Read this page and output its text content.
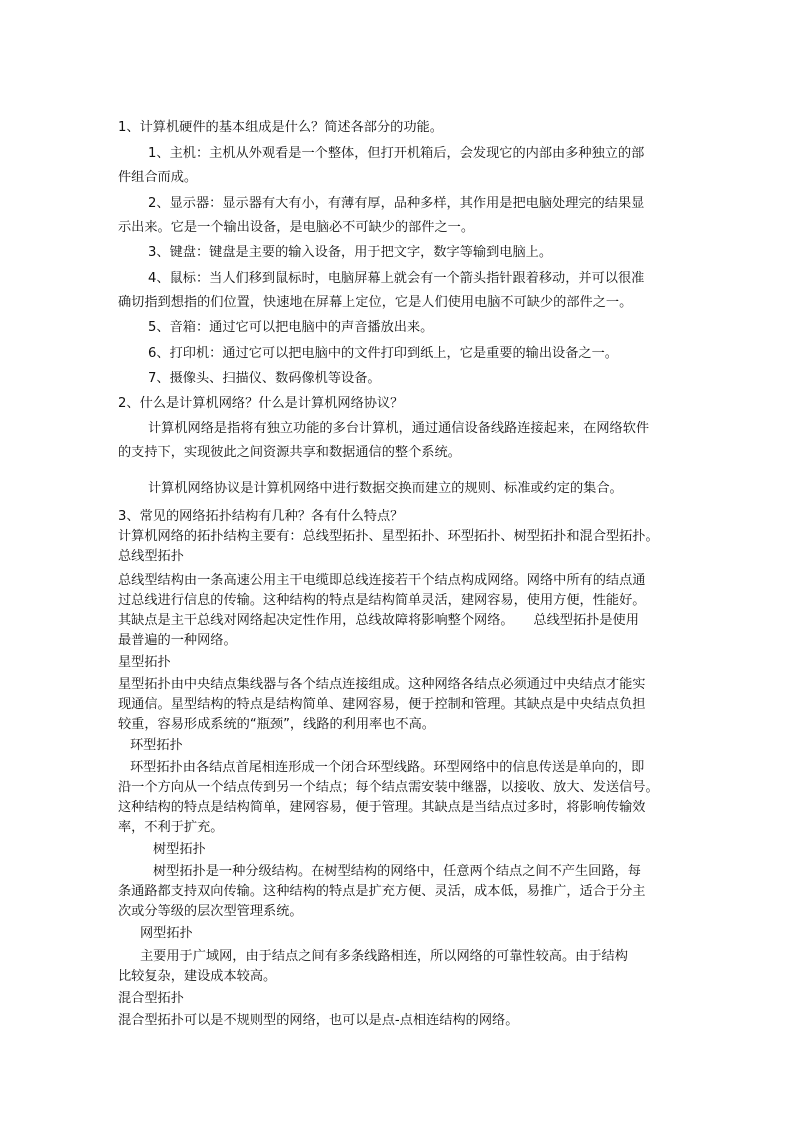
1、计算机硬件的基本组成是什么？简述各部分的功能。

1、主机：主机从外观看是一个整体，但打开机箱后，会发现它的内部由多种独立的部

件组合而成。

2、显示器：显示器有大有小，有薄有厚，品种多样，其作用是把电脑处理完的结果显

示出来。它是一个输出设备，是电脑必不可缺少的部件之一。

3、键盘：键盘是主要的输入设备，用于把文字，数字等输到电脑上。

4、鼠标：当人们移到鼠标时，电脑屏幕上就会有一个箭头指针跟着移动，并可以很准

确切指到想指的们位置，快速地在屏幕上定位，它是人们使用电脑不可缺少的部件之一。

5、音箱：通过它可以把电脑中的声音播放出来。

6、打印机：通过它可以把电脑中的文件打印到纸上，它是重要的输出设备之一。

7、摄像头、扫描仪、数码像机等设备。

2、什么是计算机网络？什么是计算机网络协议？

计算机网络是指将有独立功能的多台计算机，通过通信设备线路连接起来，在网络软件

的支持下，实现彼此之间资源共享和数据通信的整个系统。

计算机网络协议是计算机网络中进行数据交换而建立的规则、标准或约定的集合。

3、常见的网络拓扑结构有几种？各有什么特点？

计算机网络的拓扑结构主要有：总线型拓扑、星型拓扑、环型拓扑、树型拓扑和混合型拓扑。

总线型拓扑

总线型结构由一条高速公用主干电缆即总线连接若干个结点构成网络。网络中所有的结点通

过总线进行信息的传输。这种结构的特点是结构简单灵活，建网容易，使用方便，性能好。

其缺点是主干总线对网络起决定性作用，总线故障将影响整个网络。　　总线型拓扑是使用

最普遍的一种网络。

星型拓扑

星型拓扑由中央结点集线器与各个结点连接组成。这种网络各结点必须通过中央结点才能实

现通信。星型结构的特点是结构简单、建网容易，便于控制和管理。其缺点是中央结点负担

较重，容易形成系统的“瓶颈”，线路的利用率也不高。

环型拓扑

环型拓扑由各结点首尾相连形成一个闭合环型线路。环型网络中的信息传送是单向的，即

沿一个方向从一个结点传到另一个结点；每个结点需安装中继器，以接收、放大、发送信号。

这种结构的特点是结构简单，建网容易，便于管理。其缺点是当结点过多时，将影响传输效

率，不利于扩充。

树型拓扑

树型拓扑是一种分级结构。在树型结构的网络中，任意两个结点之间不产生回路，每

条通路都支持双向传输。这种结构的特点是扩充方便、灵活，成本低，易推广，适合于分主

次或分等级的层次型管理系统。

网型拓扑

主要用于广域网，由于结点之间有多条线路相连，所以网络的可靠性较高。由于结构

比较复杂，建设成本较高。

混合型拓扑

混合型拓扑可以是不规则型的网络，也可以是点-点相连结构的网络。
